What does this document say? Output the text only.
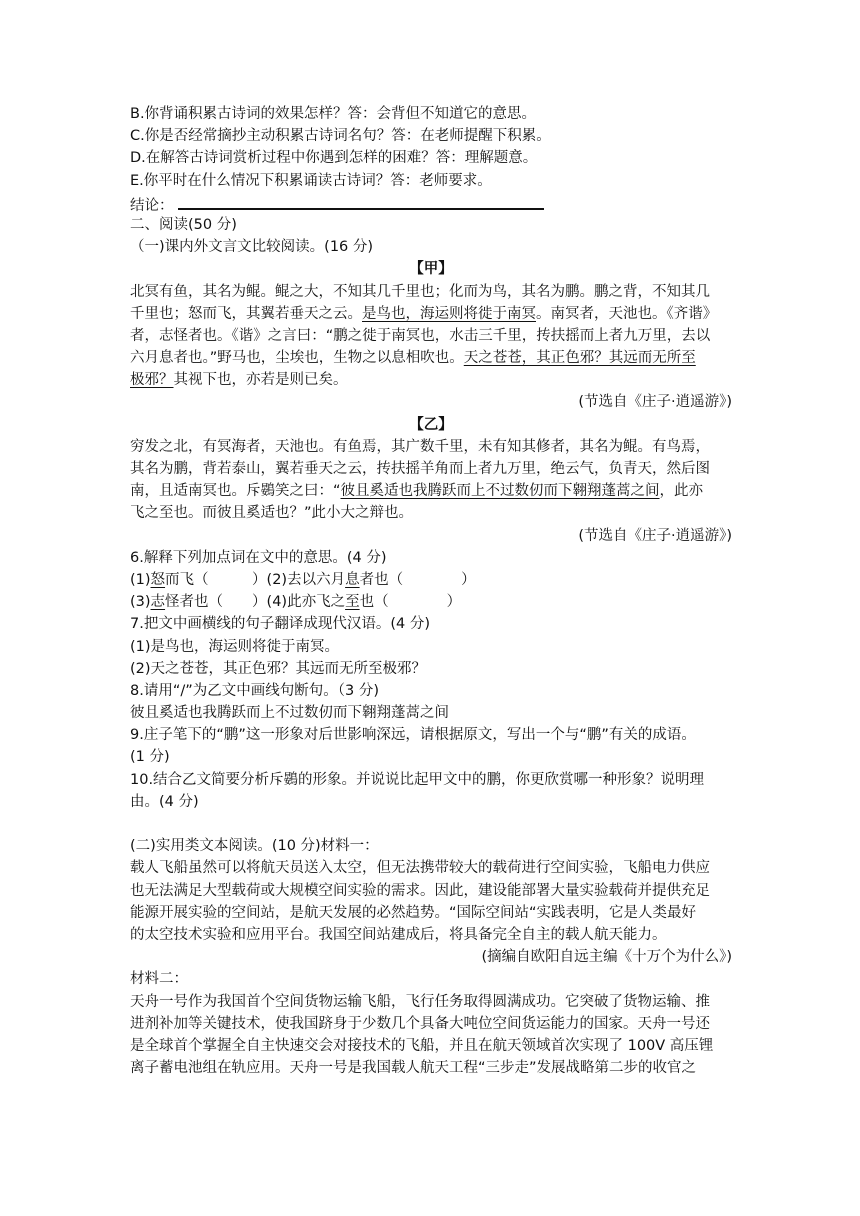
B.你背诵积累古诗词的效果怎样？答：会背但不知道它的意思。
C.你是否经常摘抄主动积累古诗词名句？答：在老师提醒下积累。
D.在解答古诗词赏析过程中你遇到怎样的困难？答：理解题意。
E.你平时在什么情况下积累诵读古诗词？答：老师要求。
结论：
二、阅读(50 分)
（一)课内外文言文比较阅读。(16 分)
【甲】
北冥有鱼，其名为鲲。鲲之大，不知其几千里也；化而为鸟，其名为鹏。鹏之背，不知其几
千里也；怒而飞，其翼若垂天之云。是鸟也，海运则将徙于南冥。南冥者，天池也。《齐谐》
者，志怪者也。《谐》之言曰：“鹏之徙于南冥也，水击三千里，抟扶摇而上者九万里，去以
六月息者也。”野马也，尘埃也，生物之以息相吹也。天之苍苍，其正色邪？其远而无所至
极邪？其视下也，亦若是则已矣。
(节选自《庄子·逍遥游》)
【乙】
穷发之北，有冥海者，天池也。有鱼焉，其广数千里，未有知其修者，其名为鲲。有鸟焉，
其名为鹏，背若泰山，翼若垂天之云，抟扶摇羊角而上者九万里，绝云气，负青天，然后图
南，且适南冥也。斥鷃笑之曰：“彼且奚适也我腾跃而上不过数仞而下翱翔蓬蒿之间，此亦
飞之至也。而彼且奚适也？”此小大之辩也。
(节选自《庄子·逍遥游》)
6.解释下列加点词在文中的意思。(4 分)
(1)怒而飞（　　　）(2)去以六月息者也（　　　　）
(3)志怪者也（　　）(4)此亦飞之至也（　　　　）
7.把文中画横线的句子翻译成现代汉语。(4 分)
(1)是鸟也，海运则将徙于南冥。
(2)天之苍苍，其正色邪？其远而无所至极邪？
8.请用“/”为乙文中画线句断句。（3 分)
彼且奚适也我腾跃而上不过数仞而下翱翔蓬蒿之间
9.庄子笔下的“鹏”这一形象对后世影响深远，请根据原文，写出一个与“鹏”有关的成语。
(1 分)
10.结合乙文简要分析斥鷃的形象。并说说比起甲文中的鹏，你更欣赏哪一种形象？说明理
由。(4 分)
(二)实用类文本阅读。(10 分)材料一：
载人飞船虽然可以将航天员送入太空，但无法携带较大的载荷进行空间实验，飞船电力供应
也无法满足大型载荷或大规模空间实验的需求。因此，建设能部署大量实验载荷并提供充足
能源开展实验的空间站，是航天发展的必然趋势。“国际空间站“实践表明，它是人类最好
的太空技术实验和应用平台。我国空间站建成后，将具备完全自主的载人航天能力。
(摘编自欧阳自远主编《十万个为什么》)
材料二：
天舟一号作为我国首个空间货物运输飞船，飞行任务取得圆满成功。它突破了货物运输、推
进剂补加等关键技术，使我国跻身于少数几个具备大吨位空间货运能力的国家。天舟一号还
是全球首个掌握全自主快速交会对接技术的飞船，并且在航天领域首次实现了 100V 高压锂
离子蓄电池组在轨应用。天舟一号是我国载人航天工程“三步走”发展战略第二步的收官之
